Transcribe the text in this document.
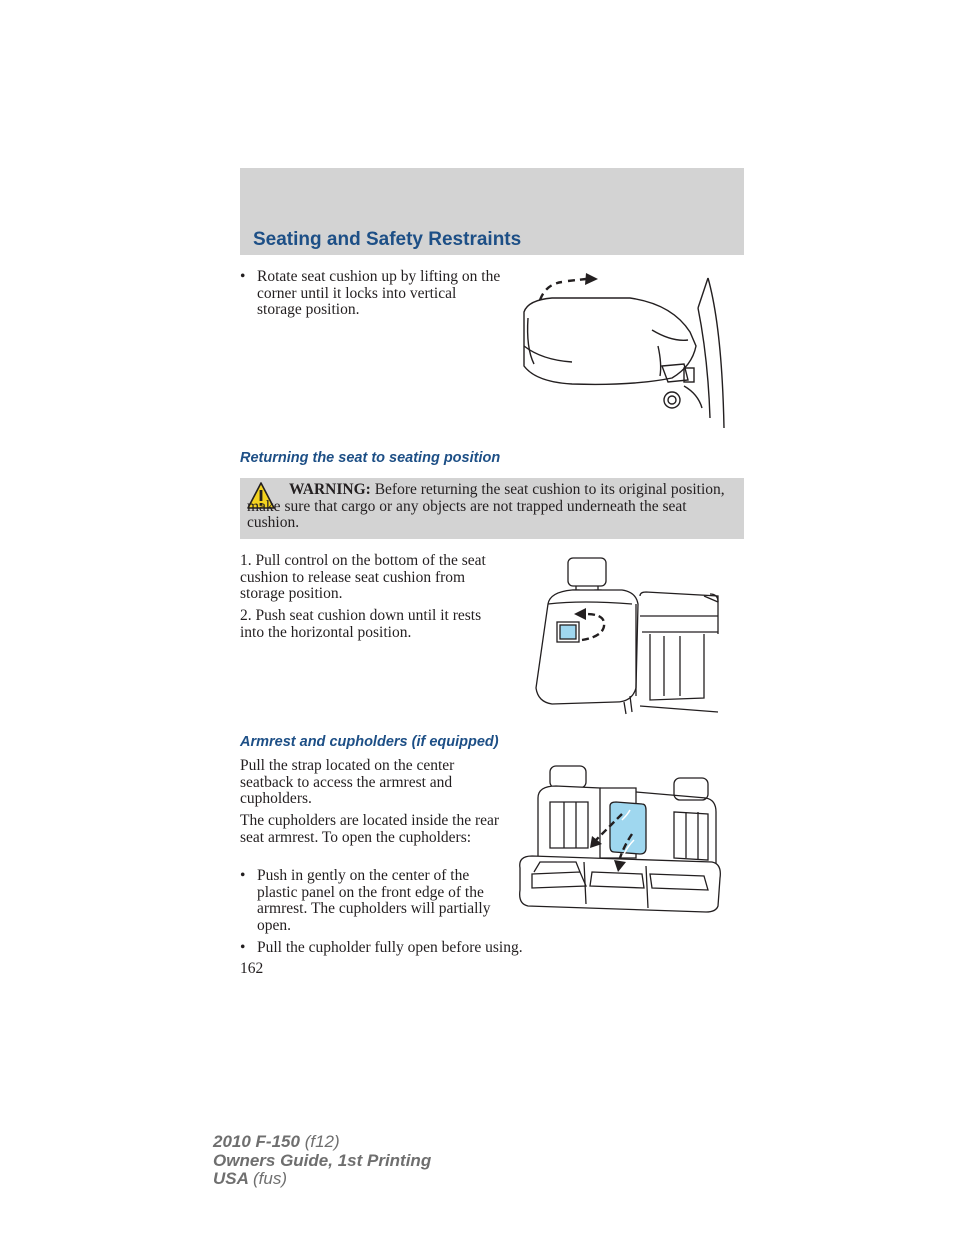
Seating and Safety Restraints
• Rotate seat cushion up by lifting on the corner until it locks into vertical storage position.
Returning the seat to seating position
WARNING: Before returning the seat cushion to its original position, make sure that cargo or any objects are not trapped underneath the seat cushion.
1. Pull control on the bottom of the seat cushion to release seat cushion from storage position.
2. Push seat cushion down until it rests into the horizontal position.
Armrest and cupholders (if equipped)
Pull the strap located on the center seatback to access the armrest and cupholders.
The cupholders are located inside the rear seat armrest. To open the cupholders:
• Push in gently on the center of the plastic panel on the front edge of the armrest. The cupholders will partially open.
• Pull the cupholder fully open before using.
162
2010 F-150 (f12)
Owners Guide, 1st Printing
USA (fus)
